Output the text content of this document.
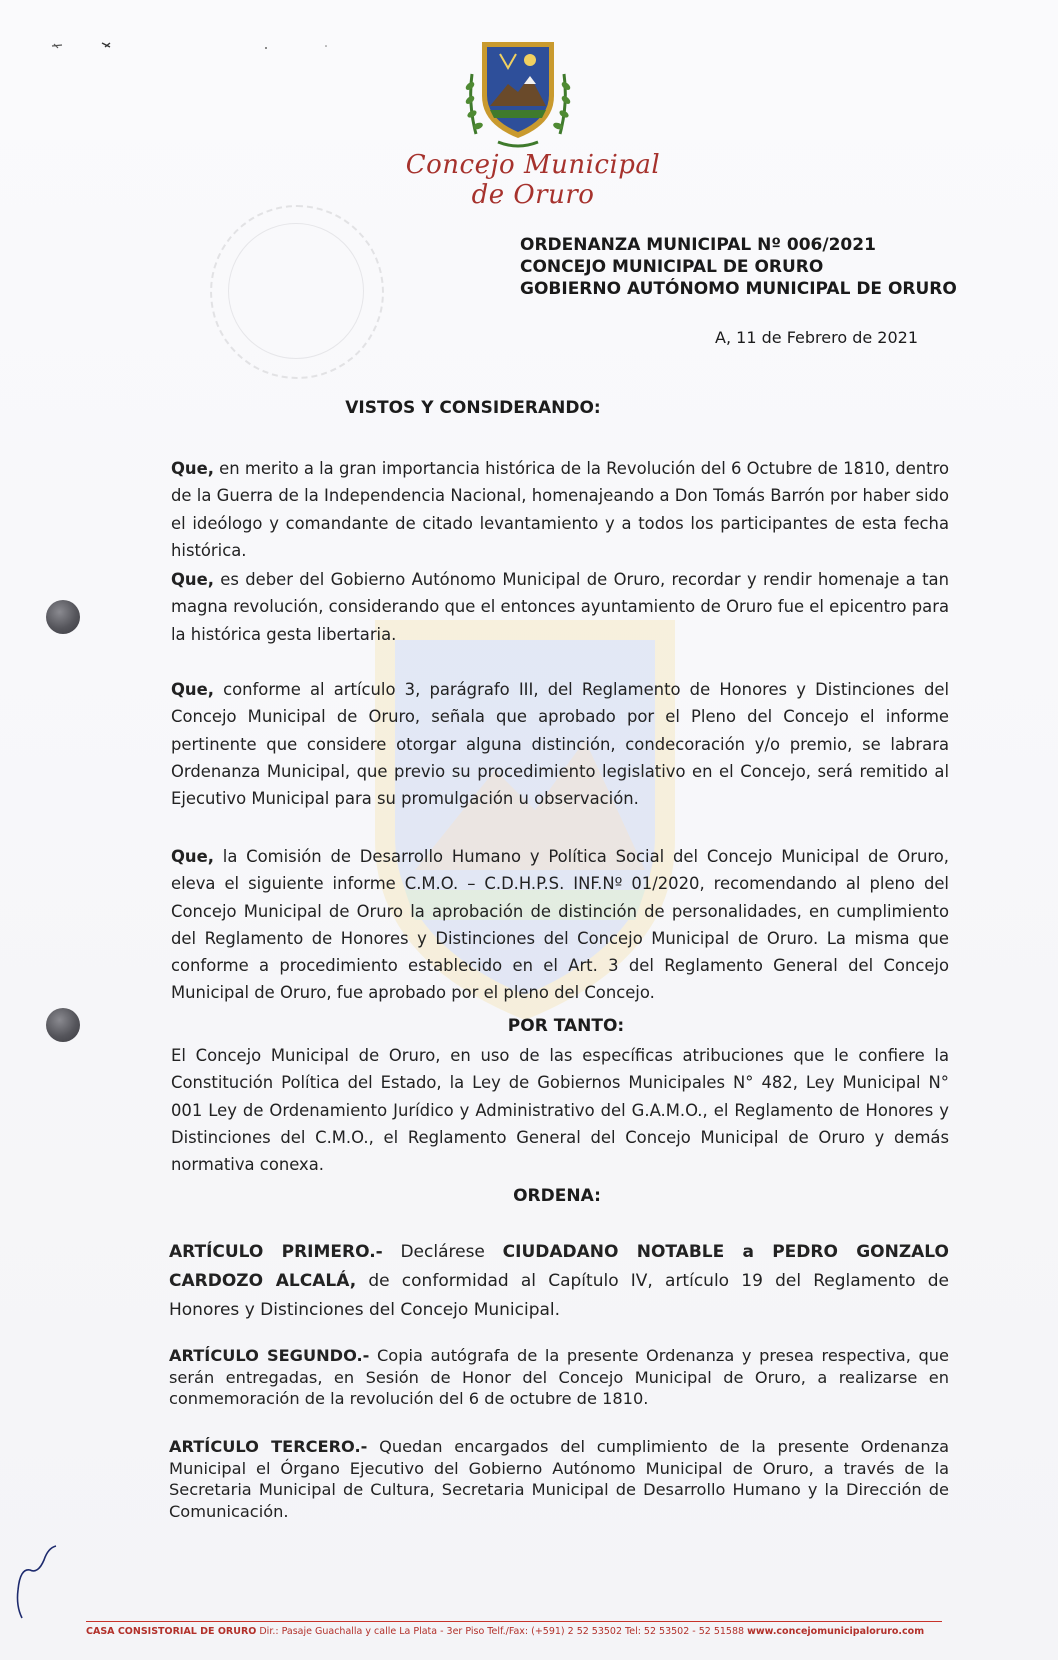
Concejo Municipal de Oruro
ORDENANZA MUNICIPAL Nº 006/2021
CONCEJO MUNICIPAL DE ORURO
GOBIERNO AUTÓNOMO MUNICIPAL DE ORURO
A, 11 de Febrero de 2021
VISTOS Y CONSIDERANDO:
Que, en merito a la gran importancia histórica de la Revolución del 6 Octubre de 1810, dentro de la Guerra de la Independencia Nacional, homenajeando a Don Tomás Barrón por haber sido el ideólogo y comandante de citado levantamiento y a todos los participantes de esta fecha histórica.
Que, es deber del Gobierno Autónomo Municipal de Oruro, recordar y rendir homenaje a tan magna revolución, considerando que el entonces ayuntamiento de Oruro fue el epicentro para la histórica gesta libertaria.
Que, conforme al artículo 3, parágrafo III, del Reglamento de Honores y Distinciones del Concejo Municipal de Oruro, señala que aprobado por el Pleno del Concejo el informe pertinente que considere otorgar alguna distinción, condecoración y/o premio, se labrara Ordenanza Municipal, que previo su procedimiento legislativo en el Concejo, será remitido al Ejecutivo Municipal para su promulgación u observación.
Que, la Comisión de Desarrollo Humano y Política Social del Concejo Municipal de Oruro, eleva el siguiente informe C.M.O. – C.D.H.P.S. INF.Nº 01/2020, recomendando al pleno del Concejo Municipal de Oruro la aprobación de distinción de personalidades, en cumplimiento del Reglamento de Honores y Distinciones del Concejo Municipal de Oruro. La misma que conforme a procedimiento establecido en el Art. 3 del Reglamento General del Concejo Municipal de Oruro, fue aprobado por el pleno del Concejo.
POR TANTO:
El Concejo Municipal de Oruro, en uso de las específicas atribuciones que le confiere la Constitución Política del Estado, la Ley de Gobiernos Municipales N° 482, Ley Municipal N° 001 Ley de Ordenamiento Jurídico y Administrativo del G.A.M.O., el Reglamento de Honores y Distinciones del C.M.O., el Reglamento General del Concejo Municipal de Oruro y demás normativa conexa.
ORDENA:
ARTÍCULO PRIMERO.- Declárese CIUDADANO NOTABLE a PEDRO GONZALO CARDOZO ALCALÁ, de conformidad al Capítulo IV, artículo 19 del Reglamento de Honores y Distinciones del Concejo Municipal.
ARTÍCULO SEGUNDO.- Copia autógrafa de la presente Ordenanza y presea respectiva, que serán entregadas, en Sesión de Honor del Concejo Municipal de Oruro, a realizarse en conmemoración de la revolución del 6 de octubre de 1810.
ARTÍCULO TERCERO.- Quedan encargados del cumplimiento de la presente Ordenanza Municipal el Órgano Ejecutivo del Gobierno Autónomo Municipal de Oruro, a través de la Secretaria Municipal de Cultura, Secretaria Municipal de Desarrollo Humano y la Dirección de Comunicación.
CASA CONSISTORIAL DE ORURO Dir.: Pasaje Guachalla y calle La Plata - 3er Piso Telf./Fax: (+591) 2 52 53502 Tel: 52 53502 - 52 51588 www.concejomunicipaloruro.com
